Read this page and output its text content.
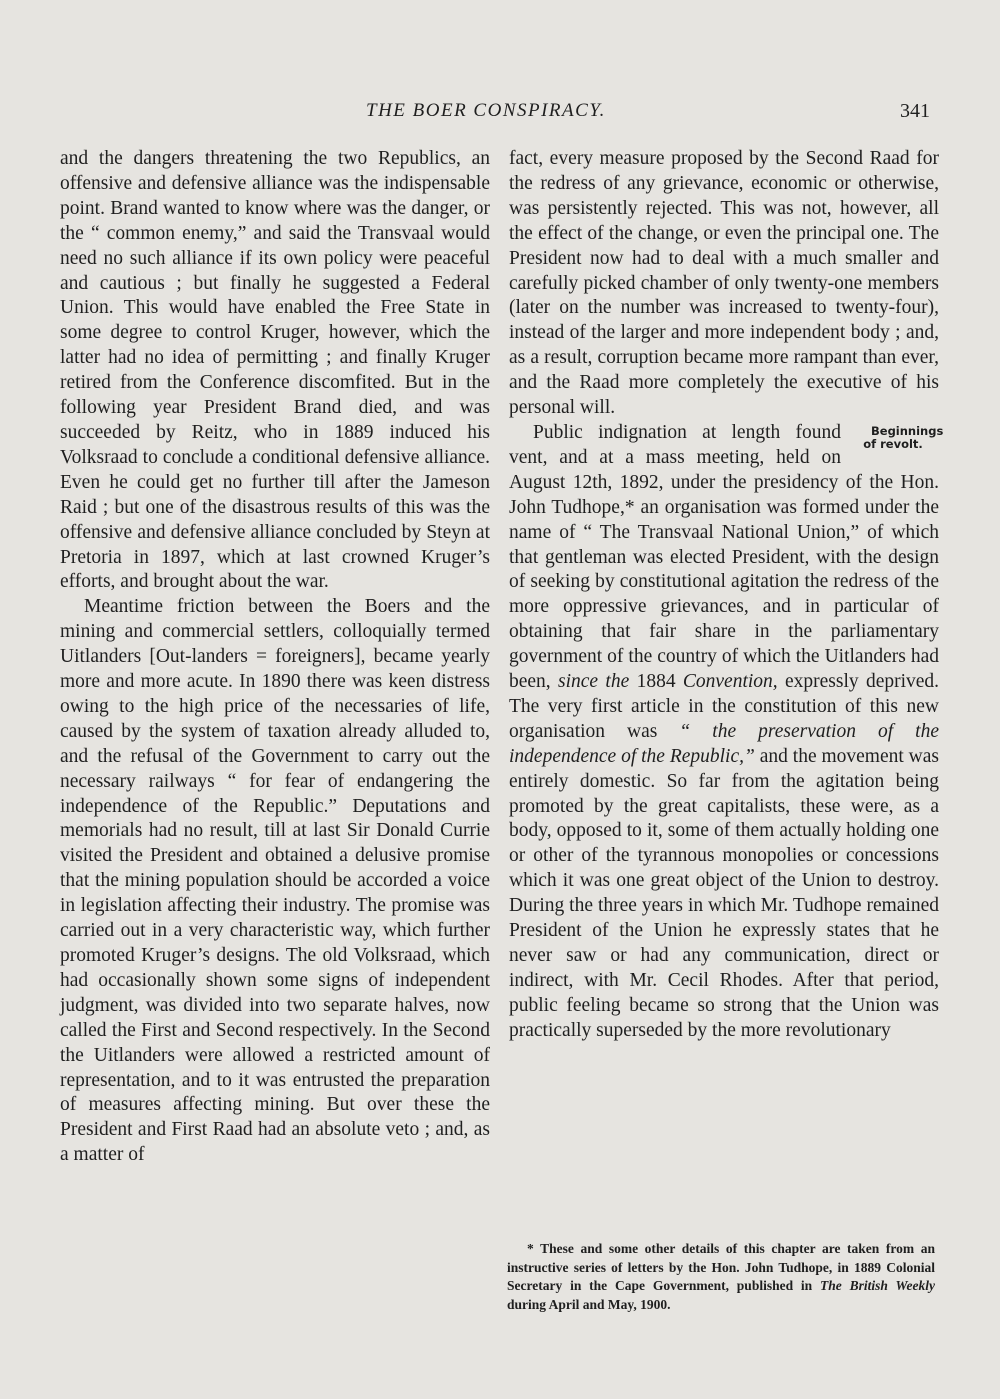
THE BOER CONSPIRACY.	341

and the dangers threatening the two Republics, an offensive and defensive alliance was the indispensable point. Brand wanted to know where was the danger, or the “ common enemy,” and said the Transvaal would need no such alliance if its own policy were peaceful and cautious ; but finally he suggested a Federal Union. This would have enabled the Free State in some degree to control Kruger, however, which the latter had no idea of permitting ; and finally Kruger retired from the Conference discomfited. But in the following year President Brand died, and was succeeded by Reitz, who in 1889 induced his Volksraad to conclude a conditional defensive alliance. Even he could get no further till after the Jameson Raid ; but one of the disastrous results of this was the offensive and defensive alliance concluded by Steyn at Pretoria in 1897, which at last crowned Kruger’s efforts, and brought about the war.

Meantime friction between the Boers and the mining and commercial settlers, colloquially termed Uitlanders [Out-landers = foreigners], became yearly more and more acute. In 1890 there was keen distress owing to the high price of the necessaries of life, caused by the system of taxation already alluded to, and the refusal of the Government to carry out the necessary railways “ for fear of endangering the independence of the Republic.” Deputations and memorials had no result, till at last Sir Donald Currie visited the President and obtained a delusive promise that the mining population should be accorded a voice in legislation affecting their industry. The promise was carried out in a very characteristic way, which further promoted Kruger’s designs. The old Volksraad, which had occasionally shown some signs of independent judgment, was divided into two separate halves, now called the First and Second respectively. In the Second the Uitlanders were allowed a restricted amount of representation, and to it was entrusted the preparation of measures affecting mining. But over these the President and First Raad had an absolute veto ; and, as a matter of

fact, every measure proposed by the Second Raad for the redress of any grievance, economic or otherwise, was persistently rejected. This was not, however, all the effect of the change, or even the principal one. The President now had to deal with a much smaller and carefully picked chamber of only twenty-one members (later on the number was increased to twenty-four), instead of the larger and more independent body ; and, as a result, corruption became more rampant than ever, and the Raad more completely the executive of his personal will.

Beginnings of revolt.
Public indignation at length found vent, and at a mass meeting, held on August 12th, 1892, under the presidency of the Hon. John Tudhope,* an organisation was formed under the name of “ The Transvaal National Union,” of which that gentleman was elected President, with the design of seeking by constitutional agitation the redress of the more oppressive grievances, and in particular of obtaining that fair share in the parliamentary government of the country of which the Uitlanders had been, since the 1884 Convention, expressly deprived. The very first article in the constitution of this new organisation was “ the preservation of the independence of the Republic,” and the movement was entirely domestic. So far from the agitation being promoted by the great capitalists, these were, as a body, opposed to it, some of them actually holding one or other of the tyrannous monopolies or concessions which it was one great object of the Union to destroy. During the three years in which Mr. Tudhope remained President of the Union he expressly states that he never saw or had any communication, direct or indirect, with Mr. Cecil Rhodes. After that period, public feeling became so strong that the Union was practically superseded by the more revolutionary

* These and some other details of this chapter are taken from an instructive series of letters by the Hon. John Tudhope, in 1889 Colonial Secretary in the Cape Government, published in The British Weekly during April and May, 1900.
